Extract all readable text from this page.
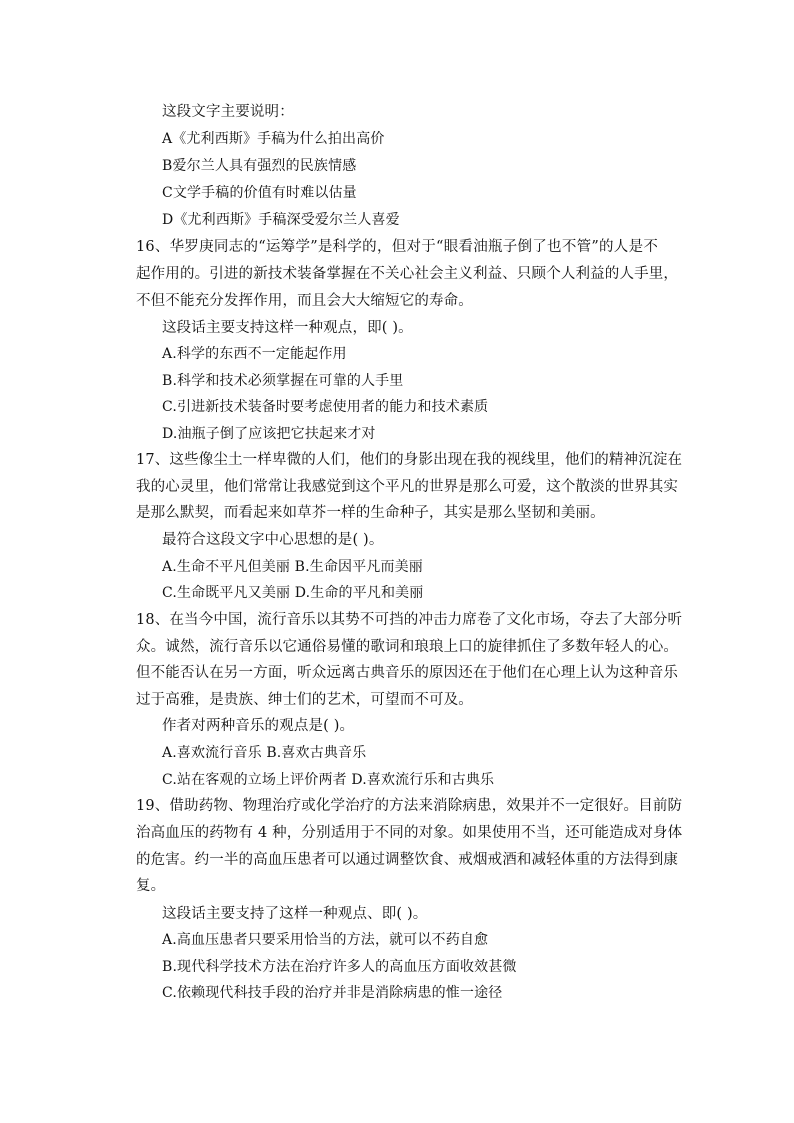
这段文字主要说明：
A《尤利西斯》手稿为什么拍出高价
B爱尔兰人具有强烈的民族情感
C文学手稿的价值有时难以估量
D《尤利西斯》手稿深受爱尔兰人喜爱
16、华罗庚同志的“运筹学”是科学的，但对于“眼看油瓶子倒了也不管”的人是不
起作用的。引进的新技术装备掌握在不关心社会主义利益、只顾个人利益的人手里，
不但不能充分发挥作用，而且会大大缩短它的寿命。
这段话主要支持这样一种观点，即( )。
A.科学的东西不一定能起作用
B.科学和技术必须掌握在可靠的人手里
C.引进新技术装备时要考虑使用者的能力和技术素质
D.油瓶子倒了应该把它扶起来才对
17、这些像尘土一样卑微的人们，他们的身影出现在我的视线里，他们的精神沉淀在
我的心灵里，他们常常让我感觉到这个平凡的世界是那么可爱，这个散淡的世界其实
是那么默契，而看起来如草芥一样的生命种子，其实是那么坚韧和美丽。
最符合这段文字中心思想的是( )。
A.生命不平凡但美丽 B.生命因平凡而美丽
C.生命既平凡又美丽 D.生命的平凡和美丽
18、在当今中国，流行音乐以其势不可挡的冲击力席卷了文化市场，夺去了大部分听
众。诚然，流行音乐以它通俗易懂的歌词和琅琅上口的旋律抓住了多数年轻人的心。
但不能否认在另一方面，听众远离古典音乐的原因还在于他们在心理上认为这种音乐
过于高雅，是贵族、绅士们的艺术，可望而不可及。
作者对两种音乐的观点是( )。
A.喜欢流行音乐 B.喜欢古典音乐
C.站在客观的立场上评价两者 D.喜欢流行乐和古典乐
19、借助药物、物理治疗或化学治疗的方法来消除病患，效果并不一定很好。目前防
治高血压的药物有 4 种，分别适用于不同的对象。如果使用不当，还可能造成对身体
的危害。约一半的高血压患者可以通过调整饮食、戒烟戒酒和减轻体重的方法得到康
复。
这段话主要支持了这样一种观点、即( )。
A.高血压患者只要采用恰当的方法，就可以不药自愈
B.现代科学技术方法在治疗许多人的高血压方面收效甚微
C.依赖现代科技手段的治疗并非是消除病患的惟一途径
